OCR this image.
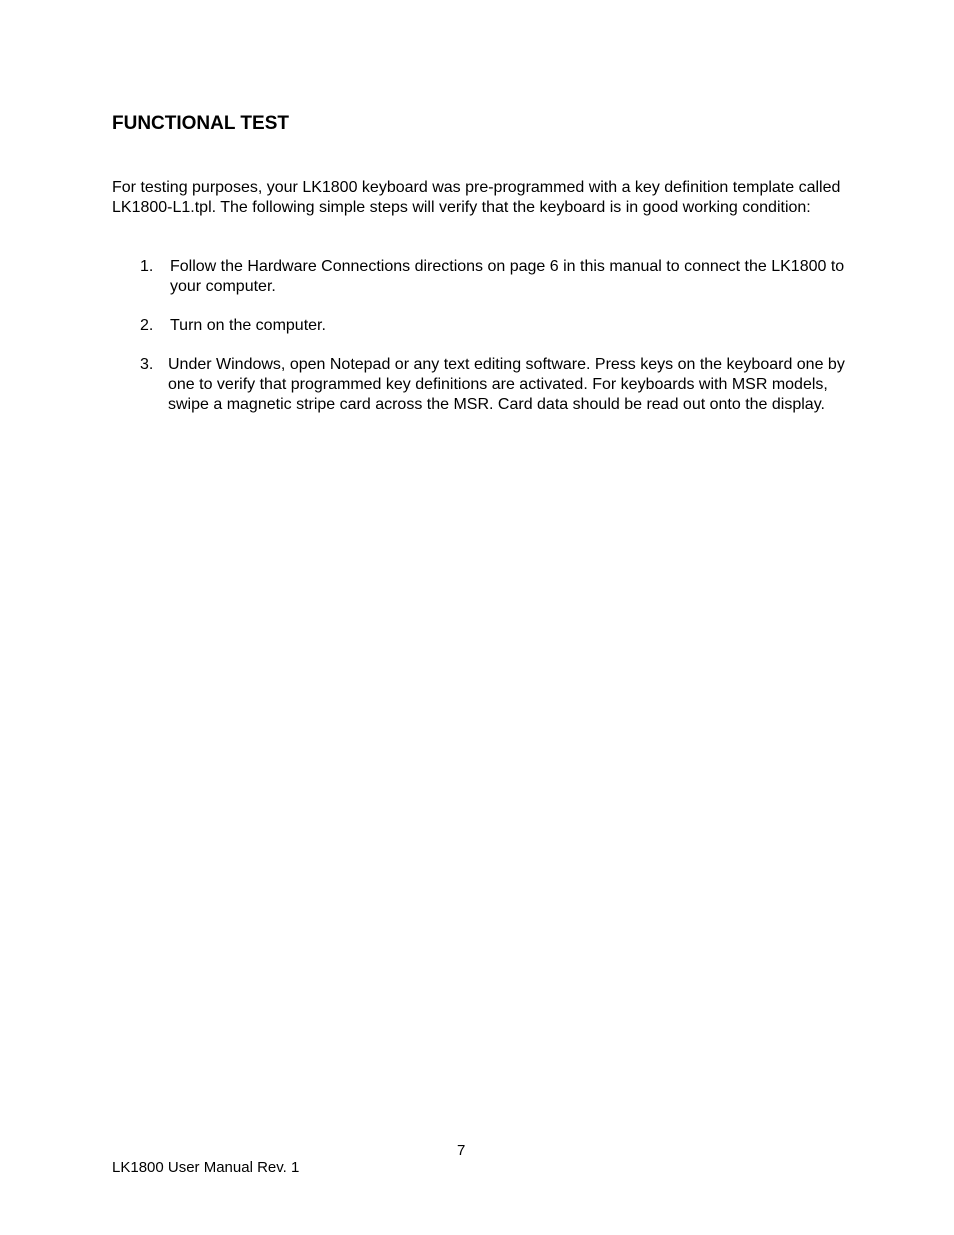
FUNCTIONAL TEST

For testing purposes, your LK1800 keyboard was pre-programmed with a key definition template called LK1800-L1.tpl. The following simple steps will verify that the keyboard is in good working condition:

1. Follow the Hardware Connections directions on page 6 in this manual to connect the LK1800 to your computer.
2. Turn on the computer.
3. Under Windows, open Notepad or any text editing software. Press keys on the keyboard one by one to verify that programmed key definitions are activated. For keyboards with MSR models, swipe a magnetic stripe card across the MSR. Card data should be read out onto the display.
7
LK1800 User Manual Rev. 1
